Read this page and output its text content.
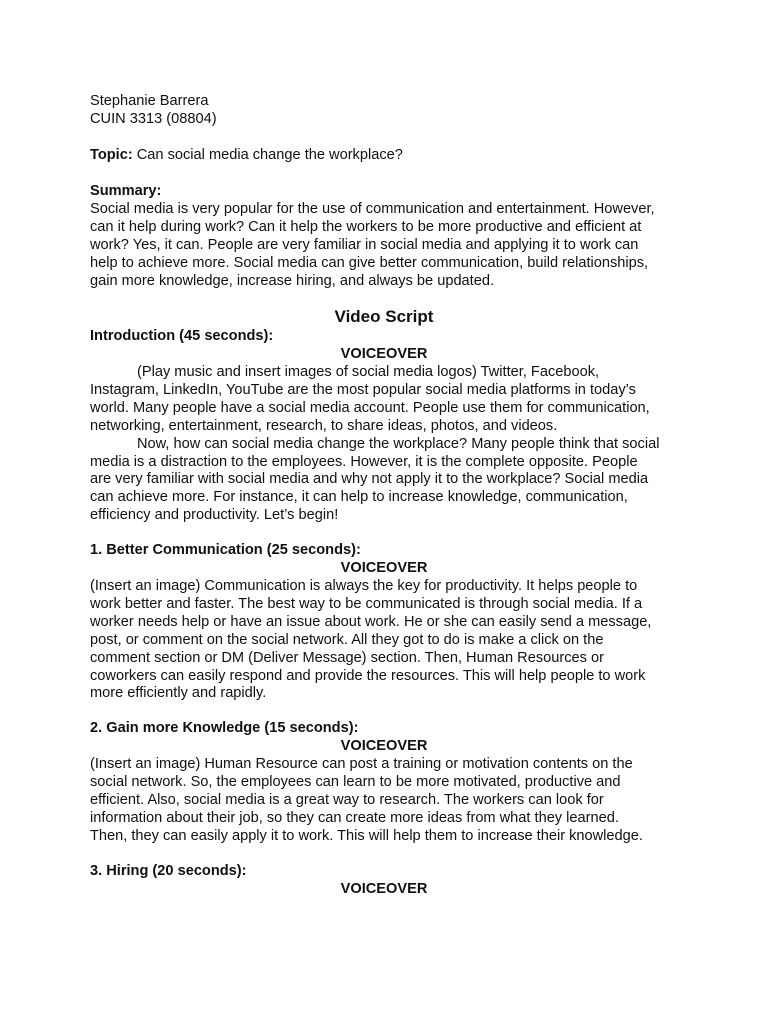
Stephanie Barrera
CUIN 3313 (08804)
Topic: Can social media change the workplace?
Summary:
Social media is very popular for the use of communication and entertainment. However,
can it help during work? Can it help the workers to be more productive and efficient at
work? Yes, it can. People are very familiar in social media and applying it to work can
help to achieve more. Social media can give better communication, build relationships,
gain more knowledge, increase hiring, and always be updated.
Video Script
Introduction (45 seconds):
VOICEOVER
(Play music and insert images of social media logos) Twitter, Facebook,
Instagram, LinkedIn, YouTube are the most popular social media platforms in today’s
world. Many people have a social media account. People use them for communication,
networking, entertainment, research, to share ideas, photos, and videos.
Now, how can social media change the workplace? Many people think that social
media is a distraction to the employees. However, it is the complete opposite. People
are very familiar with social media and why not apply it to the workplace? Social media
can achieve more. For instance, it can help to increase knowledge, communication,
efficiency and productivity. Let’s begin!
1. Better Communication (25 seconds):
VOICEOVER
(Insert an image) Communication is always the key for productivity. It helps people to
work better and faster. The best way to be communicated is through social media. If a
worker needs help or have an issue about work. He or she can easily send a message,
post, or comment on the social network. All they got to do is make a click on the
comment section or DM (Deliver Message) section. Then, Human Resources or
coworkers can easily respond and provide the resources. This will help people to work
more efficiently and rapidly.
2. Gain more Knowledge (15 seconds):
VOICEOVER
(Insert an image) Human Resource can post a training or motivation contents on the
social network. So, the employees can learn to be more motivated, productive and
efficient. Also, social media is a great way to research. The workers can look for
information about their job, so they can create more ideas from what they learned.
Then, they can easily apply it to work. This will help them to increase their knowledge.
3. Hiring (20 seconds):
VOICEOVER
